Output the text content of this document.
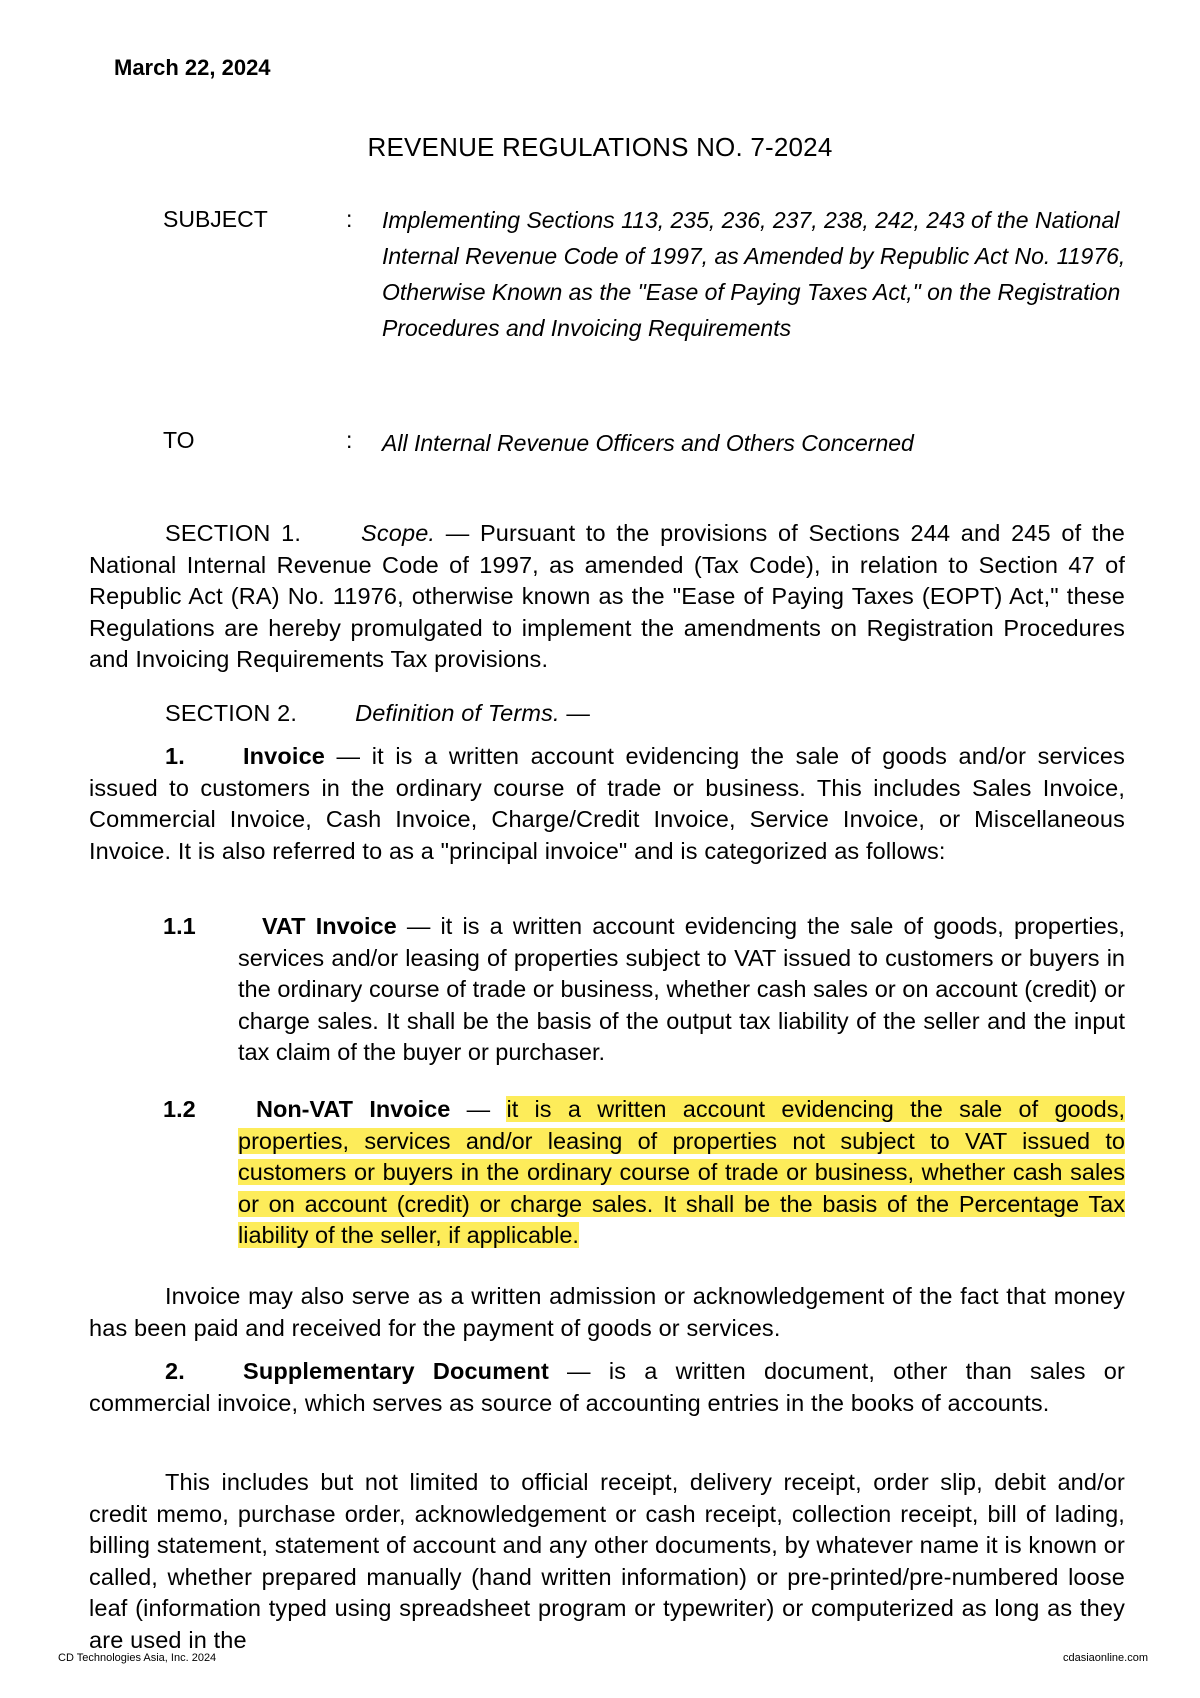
March 22, 2024
REVENUE REGULATIONS NO. 7-2024
SUBJECT	: Implementing Sections 113, 235, 236, 237, 238, 242, 243 of the National Internal Revenue Code of 1997, as Amended by Republic Act No. 11976, Otherwise Known as the "Ease of Paying Taxes Act," on the Registration Procedures and Invoicing Requirements
TO	: All Internal Revenue Officers and Others Concerned
SECTION 1.	Scope. — Pursuant to the provisions of Sections 244 and 245 of the National Internal Revenue Code of 1997, as amended (Tax Code), in relation to Section 47 of Republic Act (RA) No. 11976, otherwise known as the "Ease of Paying Taxes (EOPT) Act," these Regulations are hereby promulgated to implement the amendments on Registration Procedures and Invoicing Requirements Tax provisions.
SECTION 2. Definition of Terms. —
1. Invoice — it is a written account evidencing the sale of goods and/or services issued to customers in the ordinary course of trade or business. This includes Sales Invoice, Commercial Invoice, Cash Invoice, Charge/Credit Invoice, Service Invoice, or Miscellaneous Invoice. It is also referred to as a "principal invoice" and is categorized as follows:
1.1	VAT Invoice — it is a written account evidencing the sale of goods, properties, services and/or leasing of properties subject to VAT issued to customers or buyers in the ordinary course of trade or business, whether cash sales or on account (credit) or charge sales. It shall be the basis of the output tax liability of the seller and the input tax claim of the buyer or purchaser.
1.2	Non-VAT Invoice — it is a written account evidencing the sale of goods, properties, services and/or leasing of properties not subject to VAT issued to customers or buyers in the ordinary course of trade or business, whether cash sales or on account (credit) or charge sales. It shall be the basis of the Percentage Tax liability of the seller, if applicable.
Invoice may also serve as a written admission or acknowledgement of the fact that money has been paid and received for the payment of goods or services.
2. Supplementary Document — is a written document, other than sales or commercial invoice, which serves as source of accounting entries in the books of accounts.
This includes but not limited to official receipt, delivery receipt, order slip, debit and/or credit memo, purchase order, acknowledgement or cash receipt, collection receipt, bill of lading, billing statement, statement of account and any other documents, by whatever name it is known or called, whether prepared manually (hand written information) or pre-printed/pre-numbered loose leaf (information typed using spreadsheet program or typewriter) or computerized as long as they are used in the
CD Technologies Asia, Inc. 2024	cdasiaonline.com
